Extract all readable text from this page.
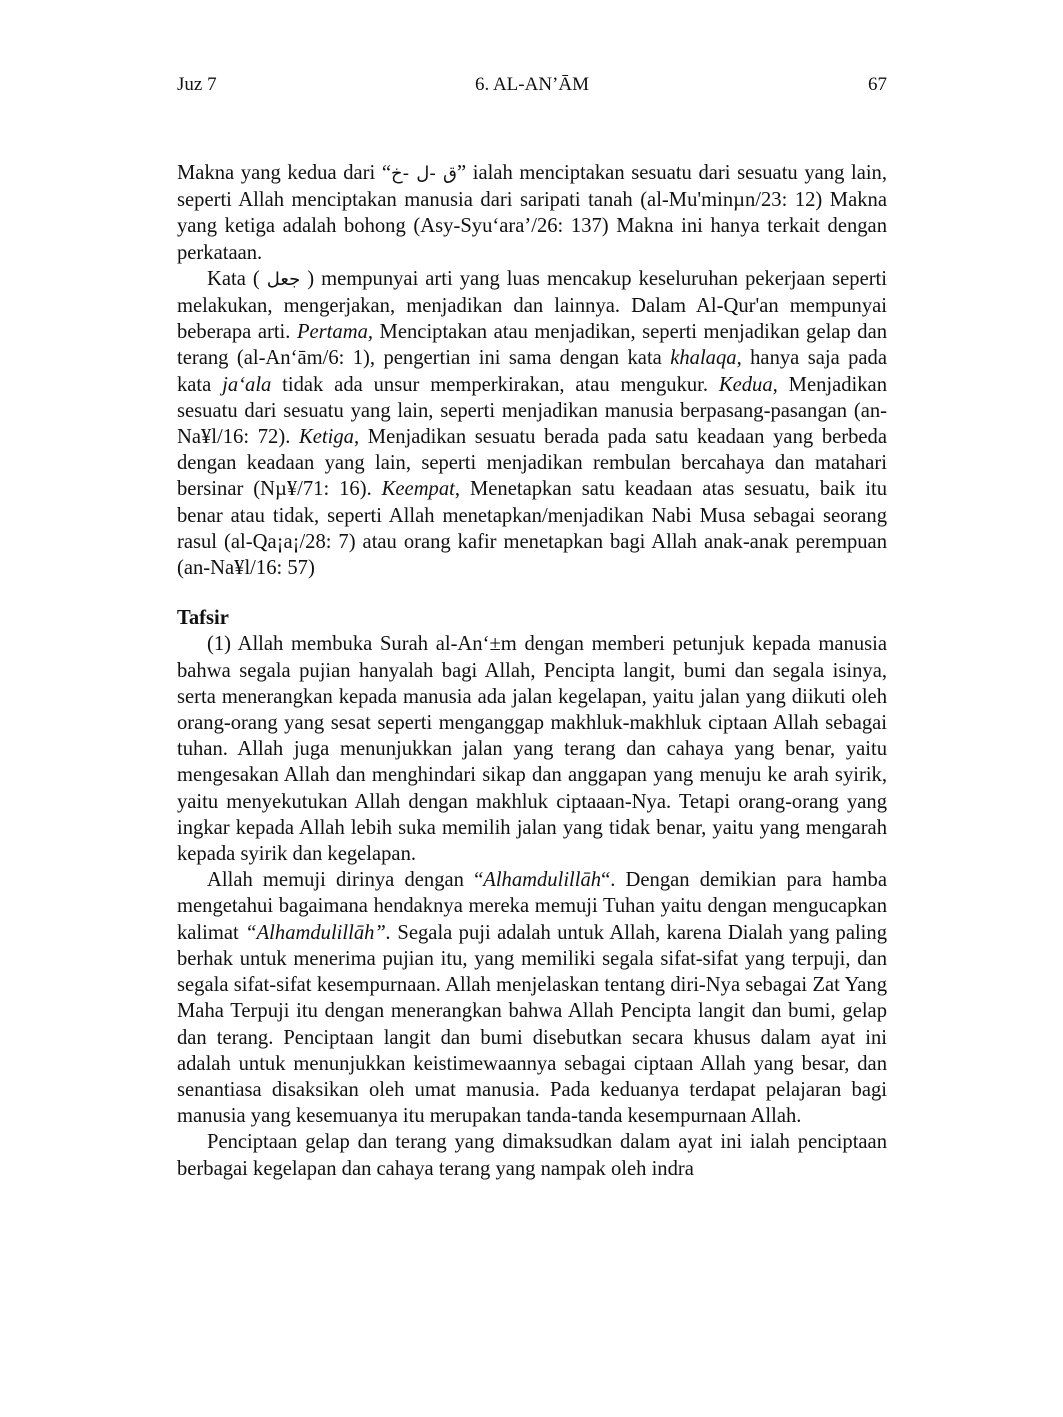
Juz 7	6. AL-AN’ĀM	67

Makna yang kedua dari “ق -ل -خ” ialah menciptakan sesuatu dari sesuatu yang lain, seperti Allah menciptakan manusia dari saripati tanah (al-Mu'minµn/23: 12) Makna yang ketiga adalah bohong (Asy-Syu‘ara’/26: 137) Makna ini hanya terkait dengan perkataan.

Kata ( جعل ) mempunyai arti yang luas mencakup keseluruhan pekerjaan seperti melakukan, mengerjakan, menjadikan dan lainnya. Dalam Al-Qur'an mempunyai beberapa arti. Pertama, Menciptakan atau menjadikan, seperti menjadikan gelap dan terang (al-An‘ām/6: 1), pengertian ini sama dengan kata khalaqa, hanya saja pada kata ja‘ala tidak ada unsur memperkirakan, atau mengukur. Kedua, Menjadikan sesuatu dari sesuatu yang lain, seperti menjadikan manusia berpasang-pasangan (an-Na¥l/16: 72). Ketiga, Menjadikan sesuatu berada pada satu keadaan yang berbeda dengan keadaan yang lain, seperti menjadikan rembulan bercahaya dan matahari bersinar (Nµ¥/71: 16). Keempat, Menetapkan satu keadaan atas sesuatu, baik itu benar atau tidak, seperti Allah menetapkan/menjadikan Nabi Musa sebagai seorang rasul (al-Qa¡a¡/28: 7) atau orang kafir menetapkan bagi Allah anak-anak perempuan (an-Na¥l/16: 57)

Tafsir

(1) Allah membuka Surah al-An‘±m dengan memberi petunjuk kepada manusia bahwa segala pujian hanyalah bagi Allah, Pencipta langit, bumi dan segala isinya, serta menerangkan kepada manusia ada jalan kegelapan, yaitu jalan yang diikuti oleh orang-orang yang sesat seperti menganggap makhluk-makhluk ciptaan Allah sebagai tuhan. Allah juga menunjukkan jalan yang terang dan cahaya yang benar, yaitu mengesakan Allah dan menghindari sikap dan anggapan yang menuju ke arah syirik, yaitu menyekutukan Allah dengan makhluk ciptaaan-Nya. Tetapi orang-orang yang ingkar kepada Allah lebih suka memilih jalan yang tidak benar, yaitu yang mengarah kepada syirik dan kegelapan.

Allah memuji dirinya dengan “Alhamdulillāh“. Dengan demikian para hamba mengetahui bagaimana hendaknya mereka memuji Tuhan yaitu dengan mengucapkan kalimat “Alhamdulillāh”. Segala puji adalah untuk Allah, karena Dialah yang paling berhak untuk menerima pujian itu, yang memiliki segala sifat-sifat yang terpuji, dan segala sifat-sifat kesempurnaan. Allah menjelaskan tentang diri-Nya sebagai Zat Yang Maha Terpuji itu dengan menerangkan bahwa Allah Pencipta langit dan bumi, gelap dan terang. Penciptaan langit dan bumi disebutkan secara khusus dalam ayat ini adalah untuk menunjukkan keistimewaannya sebagai ciptaan Allah yang besar, dan senantiasa disaksikan oleh umat manusia. Pada keduanya terdapat pelajaran bagi manusia yang kesemuanya itu merupakan tanda-tanda kesempurnaan Allah.

Penciptaan gelap dan terang yang dimaksudkan dalam ayat ini ialah penciptaan berbagai kegelapan dan cahaya terang yang nampak oleh indra
